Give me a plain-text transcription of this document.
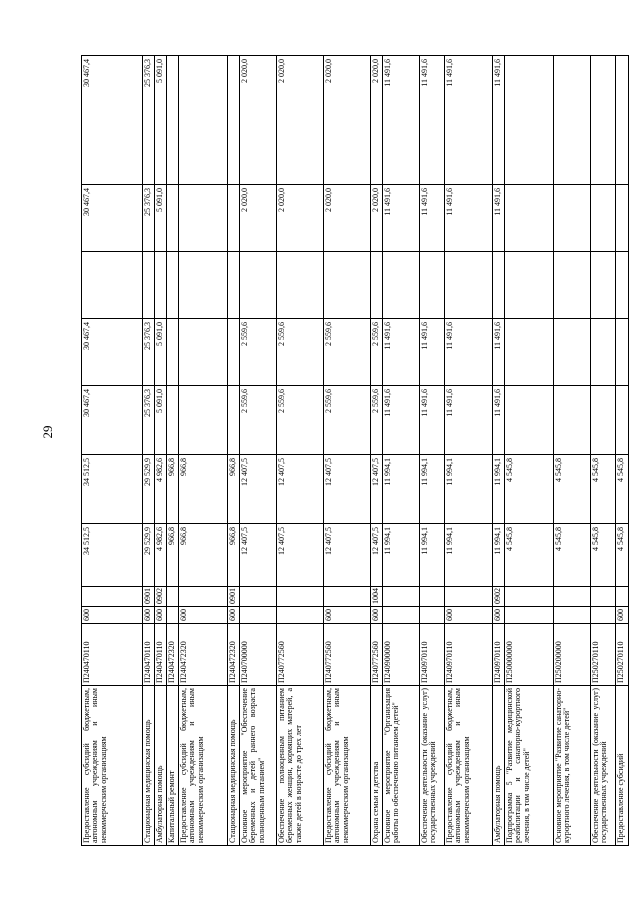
29
Предоставление субсидий бюджетным, автономным учреждениям и иным некоммерческим организациям	П240470110	600		34 512,5	34 512,5	30 467,4	30 467,4		30 467,4	30 467,4
Стационарная медицинская помощь	П240470110	600	0901	29 529,9	29 529,9	25 376,3	25 376,3		25 376,3	25 376,3
Амбулаторная помощь	П240470110	600	0902	4 982,6	4 982,6	5 091,0	5 091,0		5 091,0	5 091,0
Капитальный ремонт	П240472320			966,8	966,8					
Предоставление субсидий бюджетным, автономным учреждениям и иным некоммерческим организациям	П240472320	600		966,8	966,8					
Стационарная медицинская помощь	П240472320	600	0901	966,8	966,8					
Основное мероприятие "Обеспечение беременных и детей раннего возраста полноценным питанием"	П240700000			12 407,5	12 407,5	2 559,6	2 559,6		2 020,0	2 020,0
Обеспечение полноценным питанием беременных женщин, кормящих матерей, а также детей в возрасте до трех лет	П240772560			12 407,5	12 407,5	2 559,6	2 559,6		2 020,0	2 020,0
Предоставление субсидий бюджетным, автономным учреждениям и иным некоммерческим организациям	П240772560	600		12 407,5	12 407,5	2 559,6	2 559,6		2 020,0	2 020,0
Охрана семьи и детства	П240772560	600	1004	12 407,5	12 407,5	2 559,6	2 559,6		2 020,0	2 020,0
Основное мероприятие "Организация работы по обеспечению питанием детей"	П240900000			11 994,1	11 994,1	11 491,6	11 491,6		11 491,6	11 491,6
Обеспечение деятельности (оказание услуг) государственных учреждений	П240970110			11 994,1	11 994,1	11 491,6	11 491,6		11 491,6	11 491,6
Предоставление субсидий бюджетным, автономным учреждениям и иным некоммерческим организациям	П240970110	600		11 994,1	11 994,1	11 491,6	11 491,6		11 491,6	11 491,6
Амбулаторная помощь	П240970110	600	0902	11 994,1	11 994,1	11 491,6	11 491,6		11 491,6	11 491,6
Подпрограмма 5 "Развитие медицинской реабилитации и санаторно-курортного лечения, в том числе детей"	П250000000			4 545,8	4 545,8					
Основное мероприятие "Развитие санаторно-курортного лечения, в том числе детей"	П250200000			4 545,8	4 545,8					
Обеспечение деятельности (оказание услуг) государственных учреждений	П250270110			4 545,8	4 545,8					
Предоставление субсидий	П250270110	600		4 545,8	4 545,8					
